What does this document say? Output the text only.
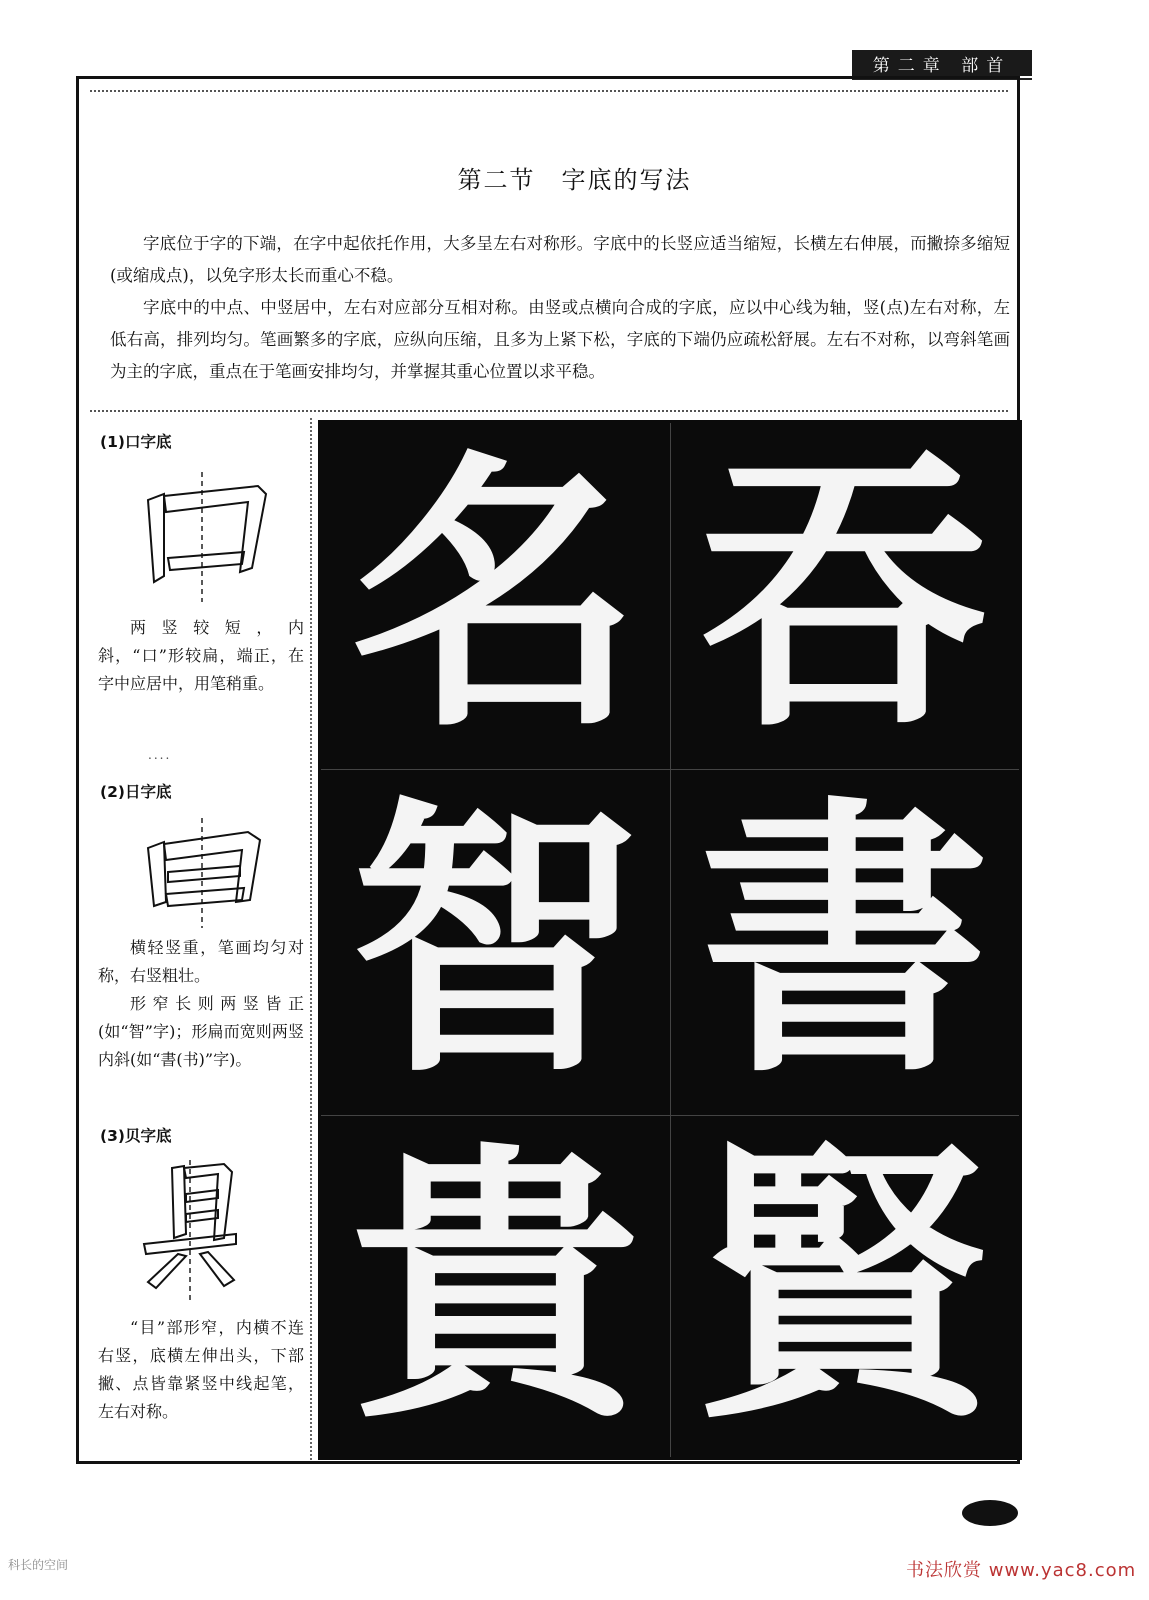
第二章 部首
第二节　字底的写法

字底位于字的下端，在字中起依托作用，大多呈左右对称形。字底中的长竖应适当缩短，长横左右伸展，而撇捺多缩短(或缩成点)，以免字形太长而重心不稳。

字底中的中点、中竖居中，左右对应部分互相对称。由竖或点横向合成的字底，应以中心线为轴，竖(点)左右对称，左低右高，排列均匀。笔画繁多的字底，应纵向压缩，且多为上紧下松，字底的下端仍应疏松舒展。左右不对称，以弯斜笔画为主的字底，重点在于笔画安排均匀，并掌握其重心位置以求平稳。

(1)口字底

两竖较短，内斜，“口”形较扁，端正，在字中应居中，用笔稍重。

....
(2)日字底

横轻竖重，笔画均匀对称，右竖粗壮。

形窄长则两竖皆正(如“智”字)；形扁而宽则两竖内斜(如“書(书)”字)。

(3)贝字底

“目”部形窄，内横不连右竖，底横左伸出头，下部撇、点皆靠紧竖中线起笔，左右对称。

吞
名
書
智
賢
貴
科长的空间	书法欣赏 www.yac8.com
